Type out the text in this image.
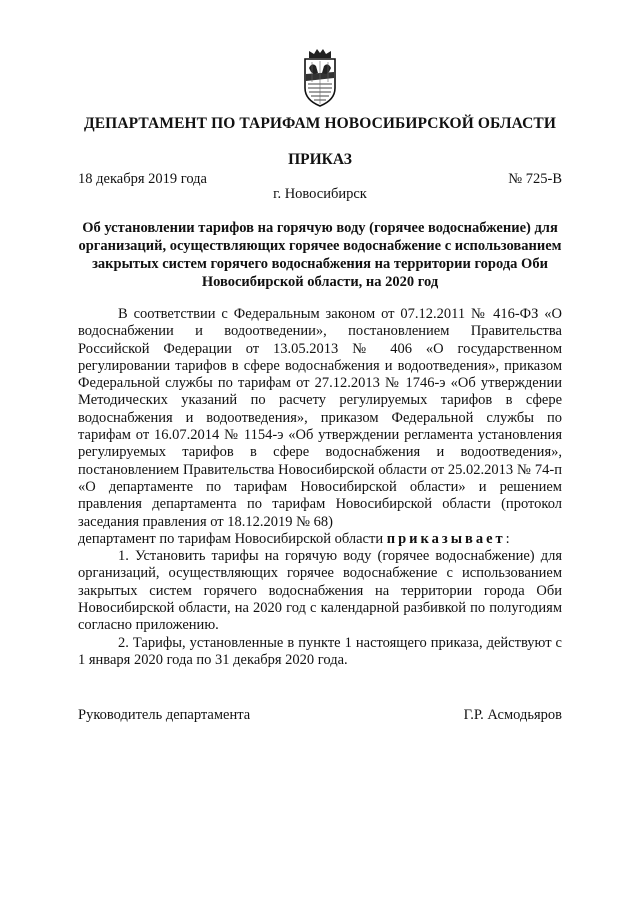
ДЕПАРТАМЕНТ ПО ТАРИФАМ НОВОСИБИРСКОЙ ОБЛАСТИ
ПРИКАЗ
18 декабря 2019 года	№ 725-В
г. Новосибирск
Об установлении тарифов на горячую воду (горячее водоснабжение) для организаций, осуществляющих горячее водоснабжение с использованием закрытых систем горячего водоснабжения на территории города Оби Новосибирской области, на 2020 год

В соответствии с Федеральным законом от 07.12.2011 № 416-ФЗ «О водоснабжении и водоотведении», постановлением Правительства Российской Федерации от 13.05.2013 № 406 «О государственном регулировании тарифов в сфере водоснабжения и водоотведения», приказом Федеральной службы по тарифам от 27.12.2013 № 1746-э «Об утверждении Методических указаний по расчету регулируемых тарифов в сфере водоснабжения и водоотведения», приказом Федеральной службы по тарифам от 16.07.2014 № 1154-э «Об утверждении регламента установления регулируемых тарифов в сфере водоснабжения и водоотведения», постановлением Правительства Новосибирской области от 25.02.2013 № 74-п «О департаменте по тарифам Новосибирской области» и решением правления департамента по тарифам Новосибирской области (протокол заседания правления от 18.12.2019 № 68)

департамент по тарифам Новосибирской области приказывает:

1. Установить тарифы на горячую воду (горячее водоснабжение) для организаций, осуществляющих горячее водоснабжение с использованием закрытых систем горячего водоснабжения на территории города Оби Новосибирской области, на 2020 год с календарной разбивкой по полугодиям согласно приложению.

2. Тарифы, установленные в пункте 1 настоящего приказа, действуют с 1 января 2020 года по 31 декабря 2020 года.

Руководитель департамента	Г.Р. Асмодьяров
